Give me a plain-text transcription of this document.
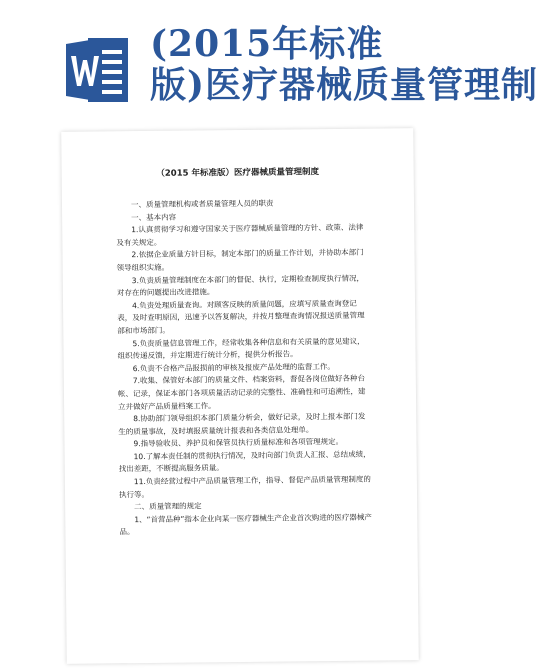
(2015年标准
版)医疗器械质量管理制
（2015 年标准版）医疗器械质量管理制度

一、质量管理机构或者质量管理人员的职责

一、基本内容

1.认真贯彻学习和遵守国家关于医疗器械质量管理的方针、政策、法律及有关规定。

2.依据企业质量方针目标，制定本部门的质量工作计划，并协助本部门领导组织实施。

3.负责质量管理制度在本部门的督促、执行，定期检查制度执行情况，对存在的问题提出改进措施。

4.负责处理质量查询。对顾客反映的质量问题，应填写质量查询登记表，及时查明原因，迅速予以答复解决，并按月整理查询情况报送质量管理部和市场部门。

5.负责质量信息管理工作，经常收集各种信息和有关质量的意见建议，组织传递反馈，并定期进行统计分析，提供分析报告。

6.负责不合格产品报损前的审核及报废产品处理的监督工作。

7.收集、保管好本部门的质量文件、档案资料，督促各岗位做好各种台帐、记录，保证本部门各项质量活动记录的完整性、准确性和可追溯性，建立并做好产品质量档案工作。

8.协助部门领导组织本部门质量分析会，做好记录，及时上报本部门发生的质量事故，及时填报质量统计报表和各类信息处理单。

9.指导验收员、养护员和保管员执行质量标准和各项管理规定。

10.了解本责任制的贯彻执行情况，及时向部门负责人汇报、总结成绩，找出差距，不断提高服务质量。

11.负责经营过程中产品质量管理工作，指导、督促产品质量管理制度的执行等。

二、质量管理的规定

1、“首营品种”指本企业向某一医疗器械生产企业首次购进的医疗器械产品。
